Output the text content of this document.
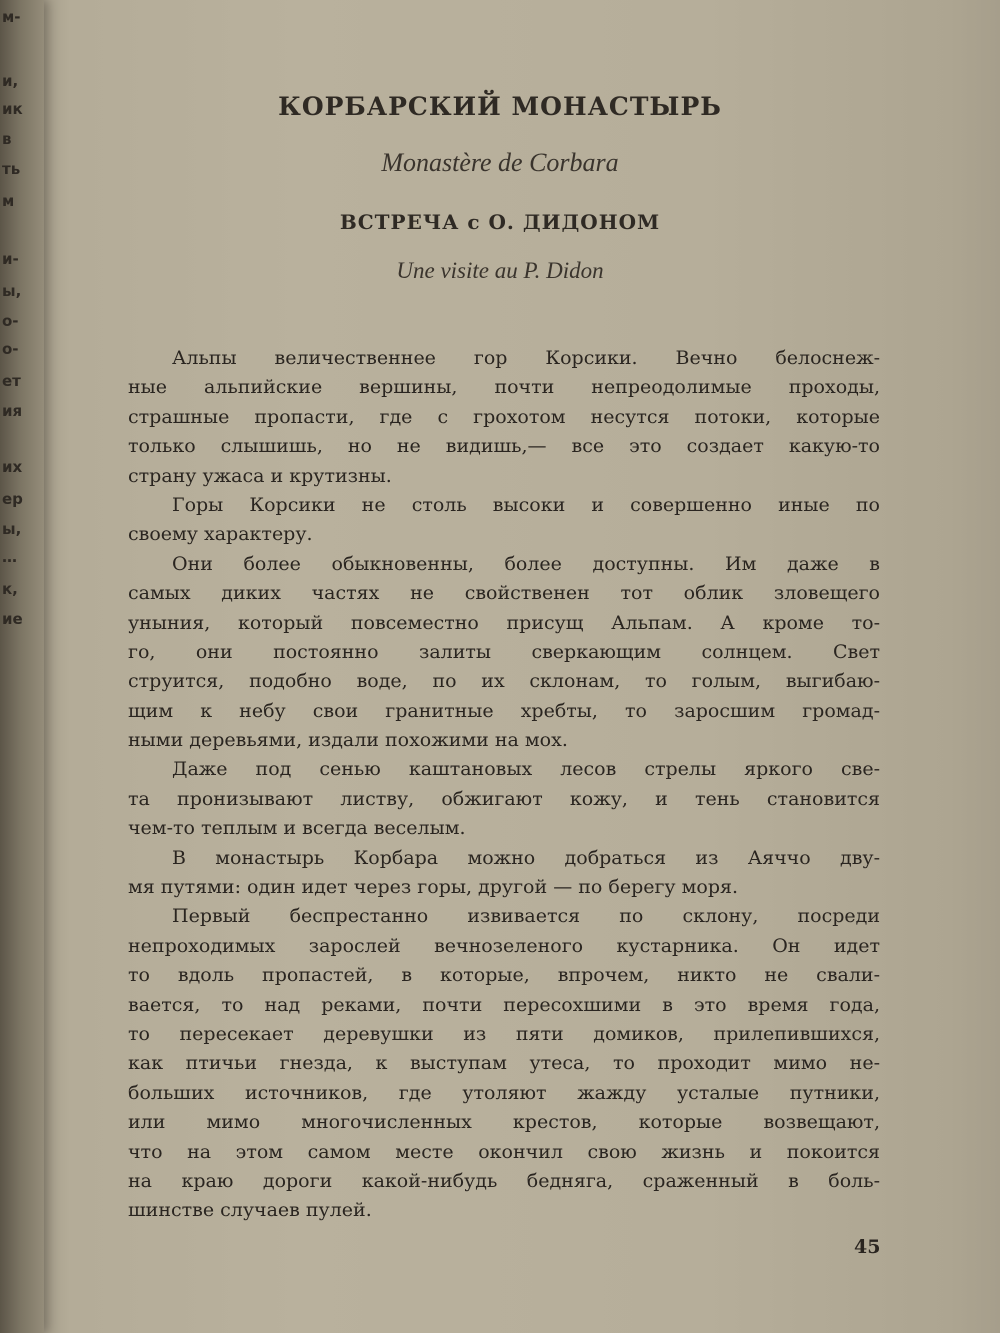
м-
и,
ик
в
ть
м
и-
ы,
о-
о-
ет
ия
их
ер
ы,
…
к,
ие
КОРБАРСКИЙ МОНАСТЫРЬ
Monastère de Corbara
ВСТРЕЧА с О. ДИДОНОМ
Une visite au P. Didon
Альпы величественнее гор Корсики. Вечно белоснеж-
ные альпийские вершины, почти непреодолимые проходы,
страшные пропасти, где с грохотом несутся потоки, которые
только слышишь, но не видишь,— все это создает какую-то
страну ужаса и крутизны.
Горы Корсики не столь высоки и совершенно иные по
своему характеру.
Они более обыкновенны, более доступны. Им даже в
самых диких частях не свойственен тот облик зловещего
уныния, который повсеместно присущ Альпам. А кроме то-
го, они постоянно залиты сверкающим солнцем. Свет
струится, подобно воде, по их склонам, то голым, выгибаю-
щим к небу свои гранитные хребты, то заросшим громад-
ными деревьями, издали похожими на мох.
Даже под сенью каштановых лесов стрелы яркого све-
та пронизывают листву, обжигают кожу, и тень становится
чем-то теплым и всегда веселым.
В монастырь Корбара можно добраться из Аяччо дву-
мя путями: один идет через горы, другой — по берегу моря.
Первый беспрестанно извивается по склону, посреди
непроходимых зарослей вечнозеленого кустарника. Он идет
то вдоль пропастей, в которые, впрочем, никто не свали-
вается, то над реками, почти пересохшими в это время года,
то пересекает деревушки из пяти домиков, прилепившихся,
как птичьи гнезда, к выступам утеса, то проходит мимо не-
больших источников, где утоляют жажду усталые путники,
или мимо многочисленных крестов, которые возвещают,
что на этом самом месте окончил свою жизнь и покоится
на краю дороги какой-нибудь бедняга, сраженный в боль-
шинстве случаев пулей.
45
